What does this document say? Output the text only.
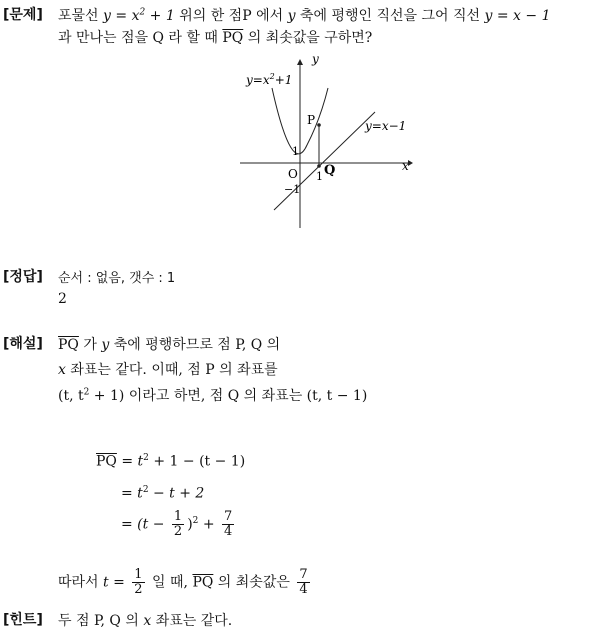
[문제] 포물선 $y = x^2 + 1$ 위의 한 점P 에서 y 축에 평행인 직선을 그어 직선 y = x − 1
과 만나는 점을 Q 라 할 때 $\overline{PQ}$ 의 최솟값을 구하면?
y
x
$y=x^2+1$
y=x−1
P
Q
O
1
1
−1
[정답] 순서 : 없음, 갯수 : 1
2
[해설] $\overline{PQ}$ 가 y 축에 평행하므로 점 P, Q 의
x 좌표는 같다. 이때, 점 P 의 좌표를
(t, $t^2 + 1$) 이라고 하면, 점 Q 의 좌표는 (t, t − 1)
$\overline{PQ} = t^2 + 1 - (t - 1)$
= $t^2 - t + 2$
= $(t - \frac{1}{2} )^2 + \frac{7}{4}$
따라서 $t = \frac{1}{2}$ 일 때, $\overline{PQ}$ 의 최솟값은 $\frac{7}{4}$
[힌트] 두 점 P, Q 의 x 좌표는 같다.
